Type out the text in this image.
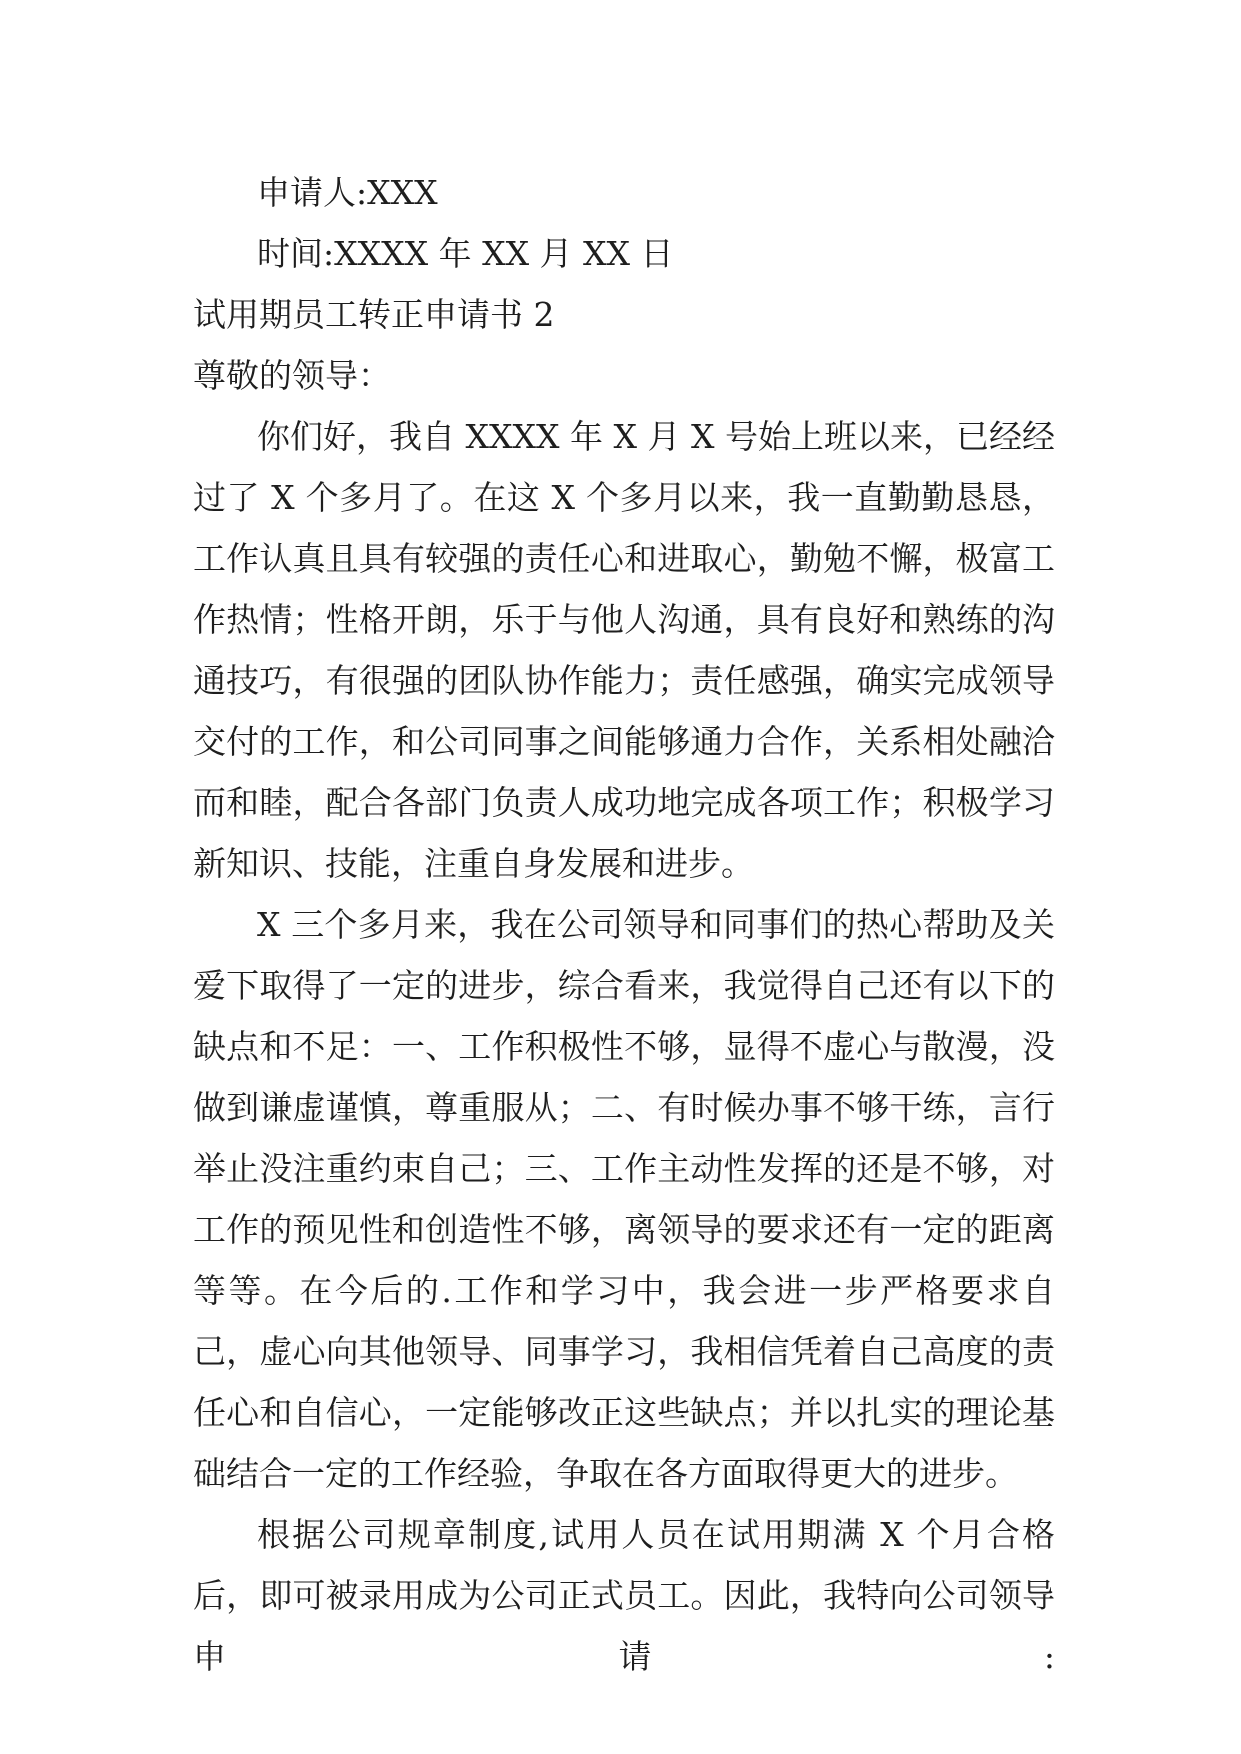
申请人:XXX
时间:XXXX 年 XX 月 XX 日
试用期员工转正申请书 2
尊敬的领导：

你们好，我自 XXXX 年 X 月 X 号始上班以来，已经经过了 X 个多月了。在这 X 个多月以来，我一直勤勤恳恳，工作认真且具有较强的责任心和进取心，勤勉不懈，极富工作热情；性格开朗，乐于与他人沟通，具有良好和熟练的沟通技巧，有很强的团队协作能力；责任感强，确实完成领导交付的工作，和公司同事之间能够通力合作，关系相处融洽而和睦，配合各部门负责人成功地完成各项工作；积极学习新知识、技能，注重自身发展和进步。

X 三个多月来，我在公司领导和同事们的热心帮助及关爱下取得了一定的进步，综合看来，我觉得自己还有以下的缺点和不足：一、工作积极性不够，显得不虚心与散漫，没做到谦虚谨慎，尊重服从；二、有时候办事不够干练，言行举止没注重约束自己；三、工作主动性发挥的还是不够，对工作的预见性和创造性不够，离领导的要求还有一定的距离等等。在今后的.工作和学习中，我会进一步严格要求自己，虚心向其他领导、同事学习，我相信凭着自己高度的责任心和自信心，一定能够改正这些缺点；并以扎实的理论基础结合一定的工作经验，争取在各方面取得更大的进步。

根据公司规章制度,试用人员在试用期满 X 个月合格后，即可被录用成为公司正式员工。因此，我特向公司领导申请:
